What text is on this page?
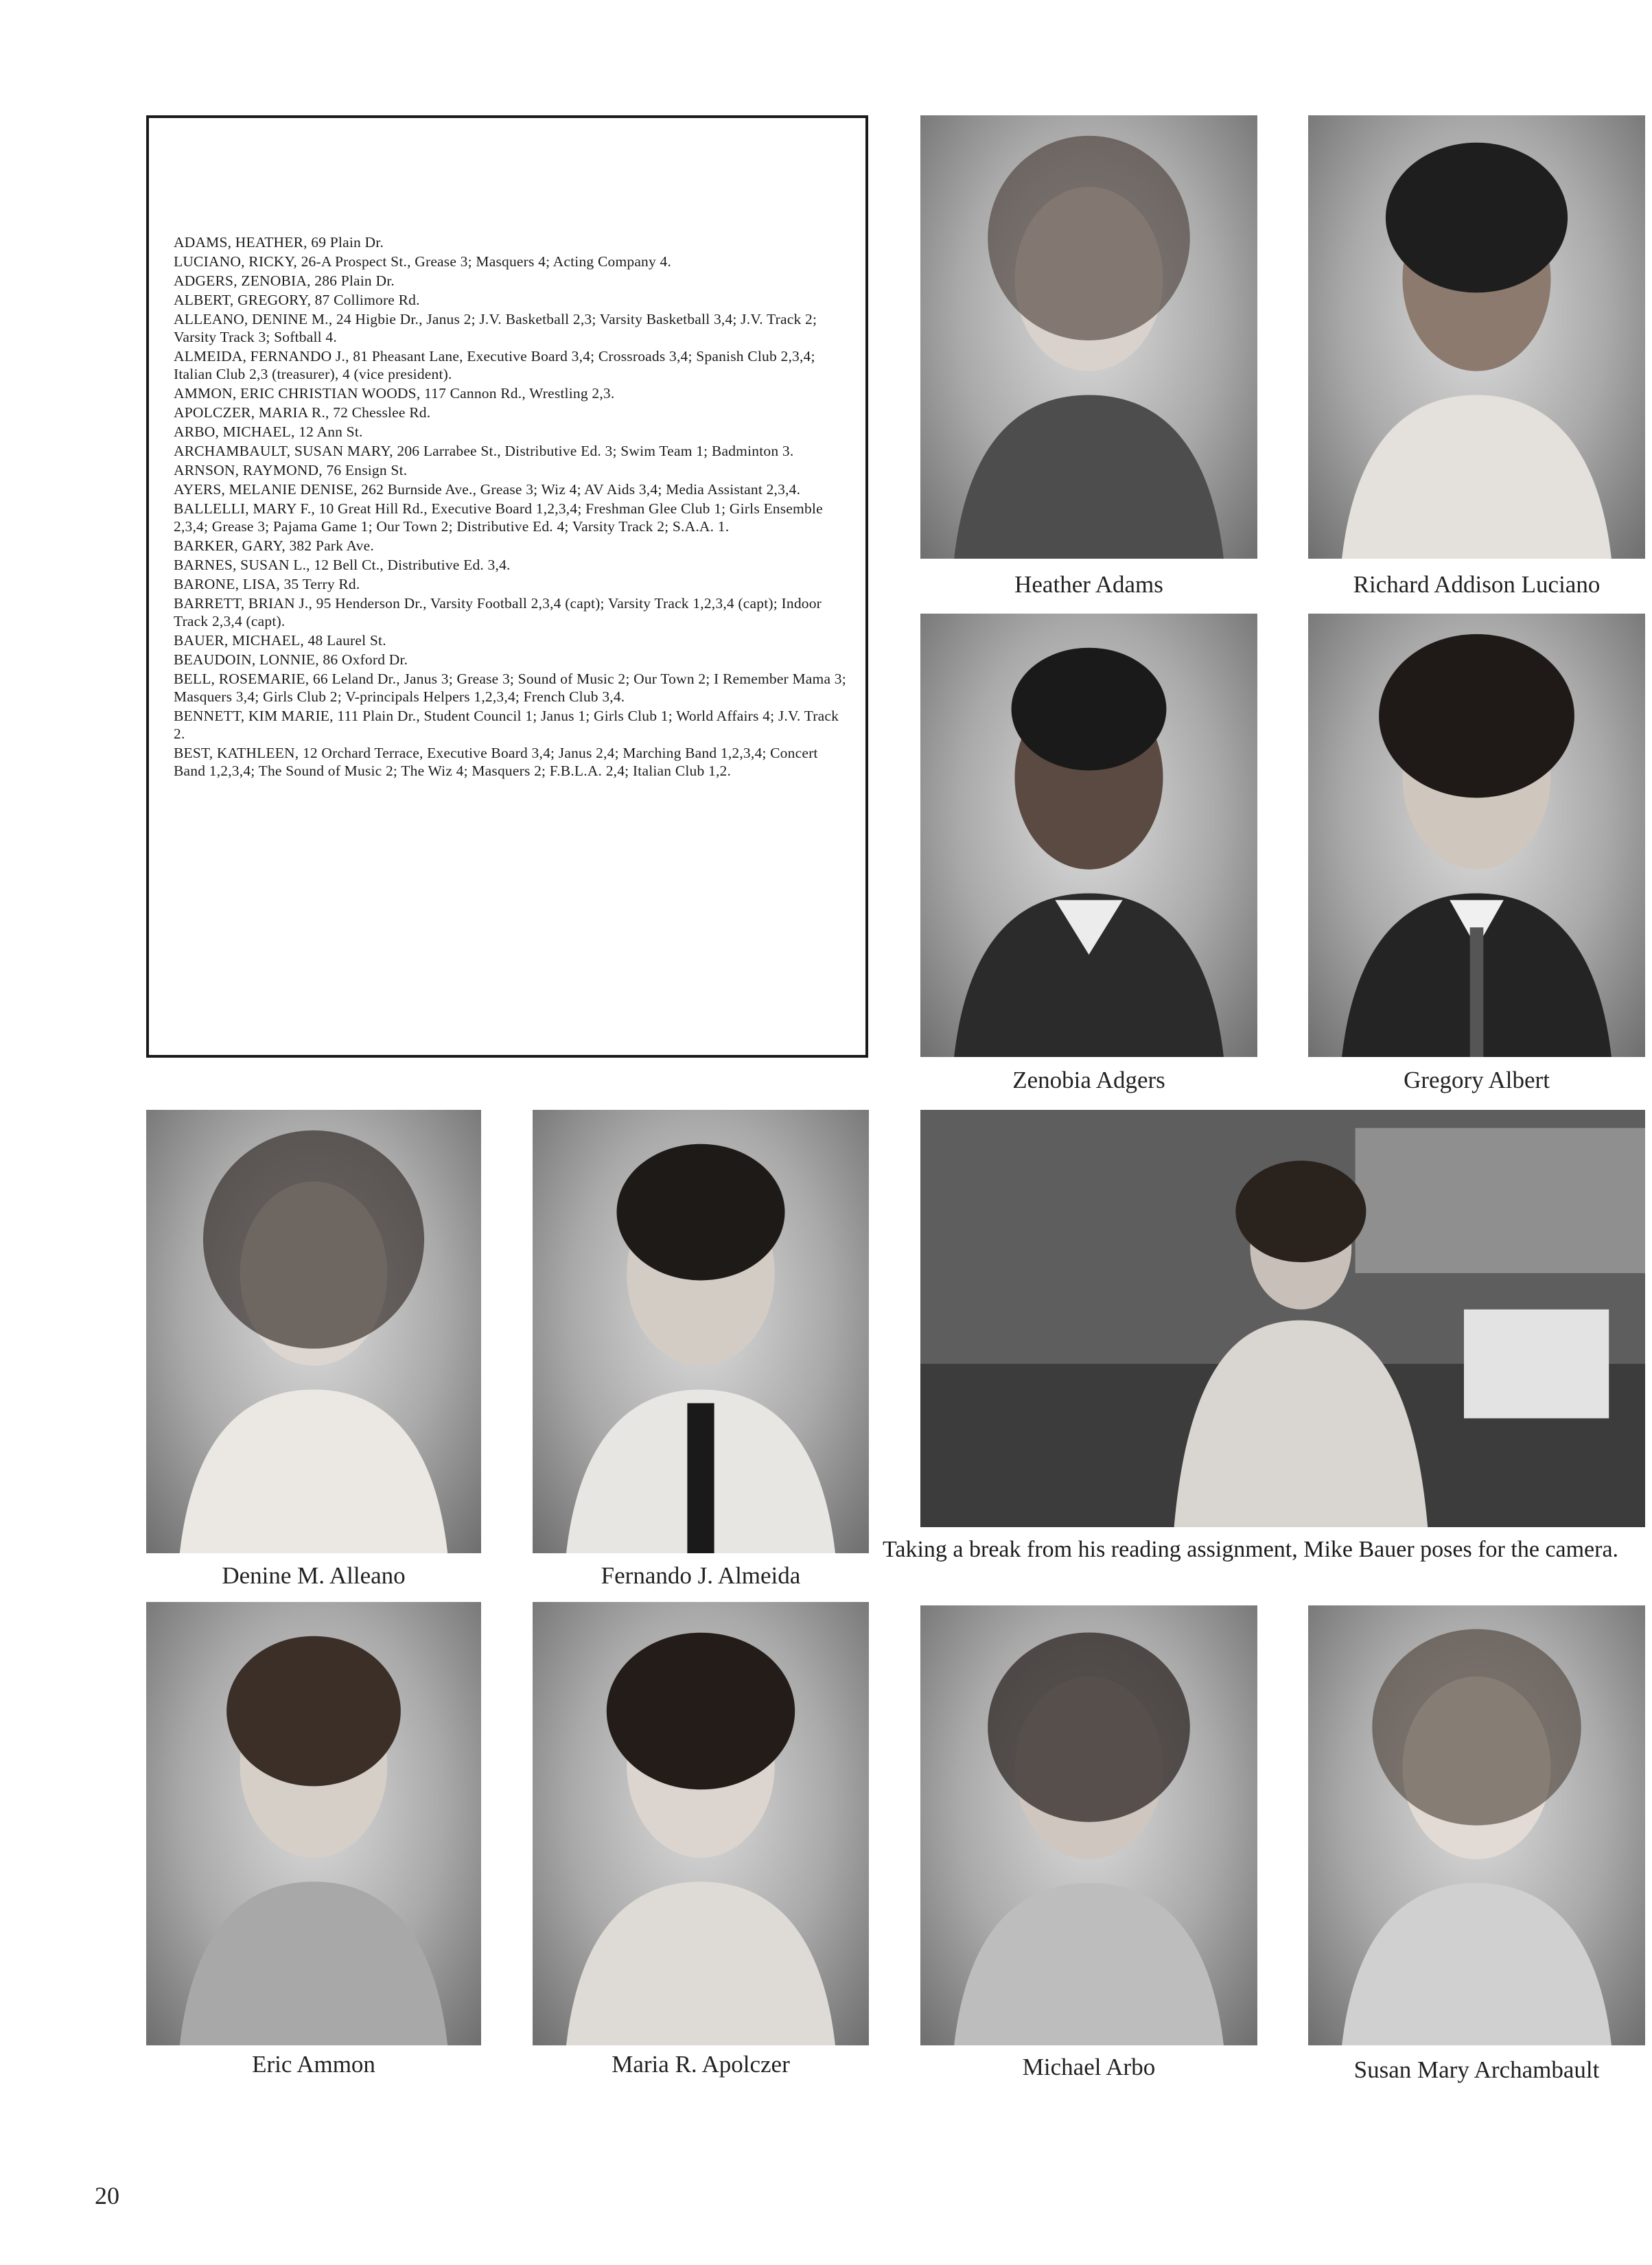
ADAMS, HEATHER, 69 Plain Dr.
LUCIANO, RICKY, 26-A Prospect St., Grease 3; Masquers 4; Acting Company 4.
ADGERS, ZENOBIA, 286 Plain Dr.
ALBERT, GREGORY, 87 Collimore Rd.
ALLEANO, DENINE M., 24 Higbie Dr., Janus 2; J.V. Basketball 2,3; Varsity Basketball 3,4; J.V. Track 2; Varsity Track 3; Softball 4.
ALMEIDA, FERNANDO J., 81 Pheasant Lane, Executive Board 3,4; Crossroads 3,4; Spanish Club 2,3,4; Italian Club 2,3 (treasurer), 4 (vice president).
AMMON, ERIC CHRISTIAN WOODS, 117 Cannon Rd., Wrestling 2,3.
APOLCZER, MARIA R., 72 Chesslee Rd.
ARBO, MICHAEL, 12 Ann St.
ARCHAMBAULT, SUSAN MARY, 206 Larrabee St., Distributive Ed. 3; Swim Team 1; Badminton 3.
ARNSON, RAYMOND, 76 Ensign St.
AYERS, MELANIE DENISE, 262 Burnside Ave., Grease 3; Wiz 4; AV Aids 3,4; Media Assistant 2,3,4.
BALLELLI, MARY F., 10 Great Hill Rd., Executive Board 1,2,3,4; Freshman Glee Club 1; Girls Ensemble 2,3,4; Grease 3; Pajama Game 1; Our Town 2; Distributive Ed. 4; Varsity Track 2; S.A.A. 1.
BARKER, GARY, 382 Park Ave.
BARNES, SUSAN L., 12 Bell Ct., Distributive Ed. 3,4.
BARONE, LISA, 35 Terry Rd.
BARRETT, BRIAN J., 95 Henderson Dr., Varsity Football 2,3,4 (capt); Varsity Track 1,2,3,4 (capt); Indoor Track 2,3,4 (capt).
BAUER, MICHAEL, 48 Laurel St.
BEAUDOIN, LONNIE, 86 Oxford Dr.
BELL, ROSEMARIE, 66 Leland Dr., Janus 3; Grease 3; Sound of Music 2; Our Town 2; I Remember Mama 3; Masquers 3,4; Girls Club 2; V-principals Helpers 1,2,3,4; French Club 3,4.
BENNETT, KIM MARIE, 111 Plain Dr., Student Council 1; Janus 1; Girls Club 1; World Affairs 4; J.V. Track 2.
BEST, KATHLEEN, 12 Orchard Terrace, Executive Board 3,4; Janus 2,4; Marching Band 1,2,3,4; Concert Band 1,2,3,4; The Sound of Music 2; The Wiz 4; Masquers 2; F.B.L.A. 2,4; Italian Club 1,2.
Heather Adams	Richard Addison Luciano
Zenobia Adgers	Gregory Albert
Denine M. Alleano	Fernando J. Almeida
Eric Ammon	Maria R. Apolczer	Michael Arbo	Susan Mary Archambault
Taking a break from his reading assignment, Mike Bauer poses for the camera.
20
